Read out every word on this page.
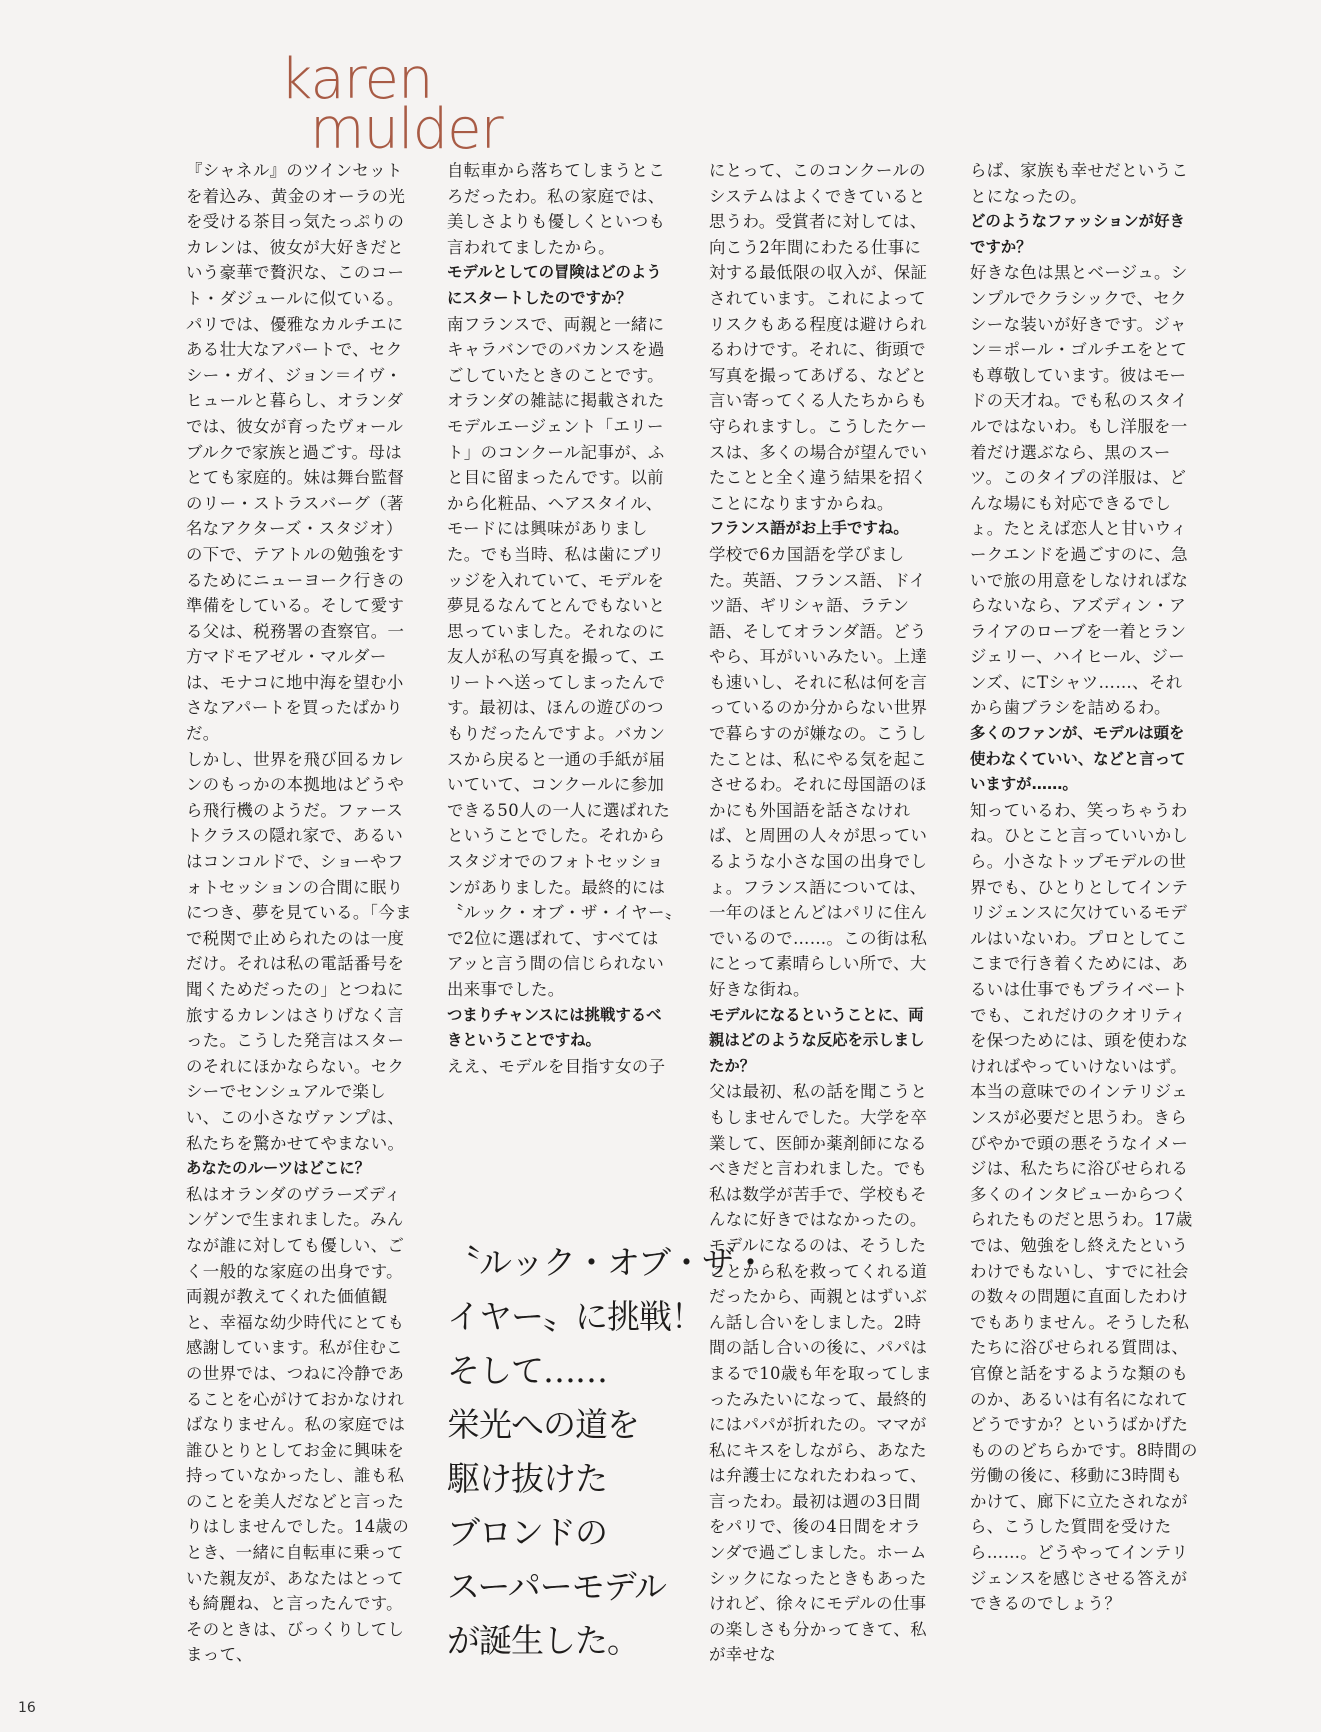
karen
mulder

『シャネル』のツインセットを着込み、黄金のオーラの光を受ける茶目っ気たっぷりのカレンは、彼女が大好きだという豪華で贅沢な、このコート・ダジュールに似ている。

パリでは、優雅なカルチエにある壮大なアパートで、セクシー・ガイ、ジョン＝イヴ・ヒュールと暮らし、オランダでは、彼女が育ったヴォールブルクで家族と過ごす。母はとても家庭的。妹は舞台監督のリー・ストラスバーグ（著名なアクターズ・スタジオ）の下で、テアトルの勉強をするためにニューヨーク行きの準備をしている。そして愛する父は、税務署の査察官。一方マドモアゼル・マルダーは、モナコに地中海を望む小さなアパートを買ったばかりだ。

しかし、世界を飛び回るカレンのもっかの本拠地はどうやら飛行機のようだ。ファーストクラスの隠れ家で、あるいはコンコルドで、ショーやフォトセッションの合間に眠りにつき、夢を見ている。「今まで税関で止められたのは一度だけ。それは私の電話番号を聞くためだったの」とつねに旅するカレンはさりげなく言った。こうした発言はスターのそれにほかならない。セクシーでセンシュアルで楽しい、この小さなヴァンプは、私たちを驚かせてやまない。

あなたのルーツはどこに？

私はオランダのヴラーズディンゲンで生まれました。みんなが誰に対しても優しい、ごく一般的な家庭の出身です。両親が教えてくれた価値観と、幸福な幼少時代にとても感謝しています。私が住むこの世界では、つねに冷静であることを心がけておかなければなりません。私の家庭では誰ひとりとしてお金に興味を持っていなかったし、誰も私のことを美人だなどと言ったりはしませんでした。14歳のとき、一緒に自転車に乗っていた親友が、あなたはとっても綺麗ね、と言ったんです。そのときは、びっくりしてしまって、

自転車から落ちてしまうところだったわ。私の家庭では、美しさよりも優しくといつも言われてましたから。

モデルとしての冒険はどのようにスタートしたのですか？

南フランスで、両親と一緒にキャラバンでのバカンスを過ごしていたときのことです。オランダの雑誌に掲載されたモデルエージェント「エリート」のコンクール記事が、ふと目に留まったんです。以前から化粧品、ヘアスタイル、モードには興味がありました。でも当時、私は歯にブリッジを入れていて、モデルを夢見るなんてとんでもないと思っていました。それなのに友人が私の写真を撮って、エリートへ送ってしまったんです。最初は、ほんの遊びのつもりだったんですよ。バカンスから戻ると一通の手紙が届いていて、コンクールに参加できる50人の一人に選ばれたということでした。それからスタジオでのフォトセッションがありました。最終的には〝ルック・オブ・ザ・イヤー〟で2位に選ばれて、すべてはアッと言う間の信じられない出来事でした。

つまりチャンスには挑戦するべきということですね。

ええ、モデルを目指す女の子

にとって、このコンクールのシステムはよくできていると思うわ。受賞者に対しては、向こう2年間にわたる仕事に対する最低限の収入が、保証されています。これによってリスクもある程度は避けられるわけです。それに、街頭で写真を撮ってあげる、などと言い寄ってくる人たちからも守られますし。こうしたケースは、多くの場合が望んでいたことと全く違う結果を招くことになりますからね。

フランス語がお上手ですね。

学校で6カ国語を学びました。英語、フランス語、ドイツ語、ギリシャ語、ラテン語、そしてオランダ語。どうやら、耳がいいみたい。上達も速いし、それに私は何を言っているのか分からない世界で暮らすのが嫌なの。こうしたことは、私にやる気を起こさせるわ。それに母国語のほかにも外国語を話さなければ、と周囲の人々が思っているような小さな国の出身でしょ。フランス語については、一年のほとんどはパリに住んでいるので……。この街は私にとって素晴らしい所で、大好きな街ね。

モデルになるということに、両親はどのような反応を示しましたか？

父は最初、私の話を聞こうともしませんでした。大学を卒業して、医師か薬剤師になるべきだと言われました。でも私は数学が苦手で、学校もそんなに好きではなかったの。モデルになるのは、そうしたことから私を救ってくれる道だったから、両親とはずいぶん話し合いをしました。2時間の話し合いの後に、パパはまるで10歳も年を取ってしまったみたいになって、最終的にはパパが折れたの。ママが私にキスをしながら、あなたは弁護士になれたわねって、言ったわ。最初は週の3日間をパリで、後の4日間をオランダで過ごしました。ホームシックになったときもあったけれど、徐々にモデルの仕事の楽しさも分かってきて、私が幸せな

らば、家族も幸せだということになったの。

どのようなファッションが好きですか？

好きな色は黒とベージュ。シンプルでクラシックで、セクシーな装いが好きです。ジャン＝ポール・ゴルチエをとても尊敬しています。彼はモードの天才ね。でも私のスタイルではないわ。もし洋服を一着だけ選ぶなら、黒のスーツ。このタイプの洋服は、どんな場にも対応できるでしょ。たとえば恋人と甘いウィークエンドを過ごすのに、急いで旅の用意をしなければならないなら、アズディン・アライアのローブを一着とランジェリー、ハイヒール、ジーンズ、にTシャツ……、それから歯ブラシを詰めるわ。

多くのファンが、モデルは頭を使わなくていい、などと言っていますが……。

知っているわ、笑っちゃうわね。ひとこと言っていいかしら。小さなトップモデルの世界でも、ひとりとしてインテリジェンスに欠けているモデルはいないわ。プロとしてここまで行き着くためには、あるいは仕事でもプライベートでも、これだけのクオリティを保つためには、頭を使わなければやっていけないはず。本当の意味でのインテリジェンスが必要だと思うわ。きらびやかで頭の悪そうなイメージは、私たちに浴びせられる多くのインタビューからつくられたものだと思うわ。17歳では、勉強をし終えたというわけでもないし、すでに社会の数々の問題に直面したわけでもありません。そうした私たちに浴びせられる質問は、官僚と話をするような類のものか、あるいは有名になれてどうですか？というばかげたもののどちらかです。8時間の労働の後に、移動に3時間もかけて、廊下に立たされながら、こうした質問を受けたら……。どうやってインテリジェンスを感じさせる答えができるのでしょう？

〝ルック・オブ・ザ・
イヤー〟に挑戦！
そして……
栄光への道を
駆け抜けた
ブロンドの
スーパーモデル
が誕生した。
16
